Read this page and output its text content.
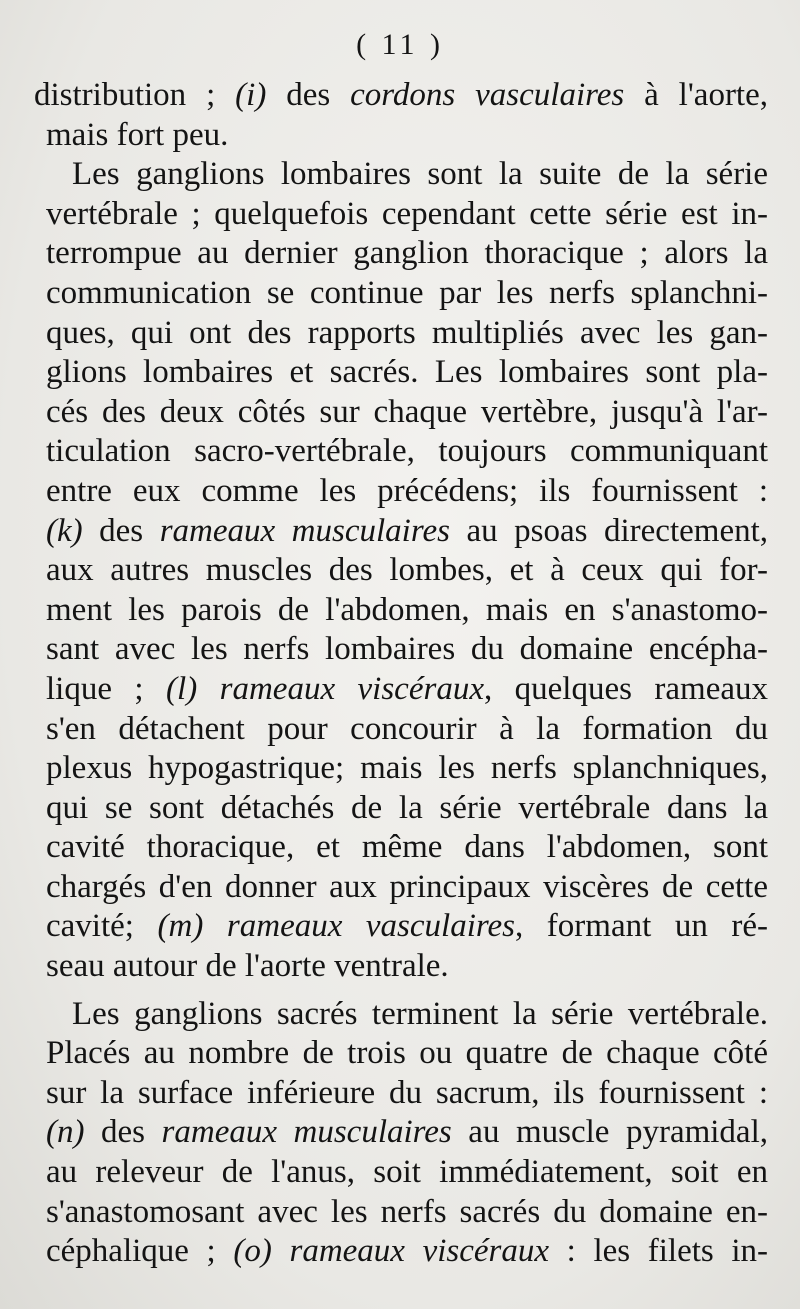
( 11 )
distribution ; (i) des cordons vasculaires à l'aorte,
mais fort peu.
Les ganglions lombaires sont la suite de la série
vertébrale ; quelquefois cependant cette série est in-
terrompue au dernier ganglion thoracique ; alors la
communication se continue par les nerfs splanchni-
ques, qui ont des rapports multipliés avec les gan-
glions lombaires et sacrés. Les lombaires sont pla-
cés des deux côtés sur chaque vertèbre, jusqu'à l'ar-
ticulation sacro-vertébrale, toujours communiquant
entre eux comme les précédens; ils fournissent :
(k) des rameaux musculaires au psoas directement,
aux autres muscles des lombes, et à ceux qui for-
ment les parois de l'abdomen, mais en s'anastomo-
sant avec les nerfs lombaires du domaine encépha-
lique ; (l) rameaux viscéraux, quelques rameaux
s'en détachent pour concourir à la formation du
plexus hypogastrique; mais les nerfs splanchniques,
qui se sont détachés de la série vertébrale dans la
cavité thoracique, et même dans l'abdomen, sont
chargés d'en donner aux principaux viscères de cette
cavité; (m) rameaux vasculaires, formant un ré-
seau autour de l'aorte ventrale.
Les ganglions sacrés terminent la série vertébrale.
Placés au nombre de trois ou quatre de chaque côté
sur la surface inférieure du sacrum, ils fournissent :
(n) des rameaux musculaires au muscle pyramidal,
au releveur de l'anus, soit immédiatement, soit en
s'anastomosant avec les nerfs sacrés du domaine en-
céphalique ; (o) rameaux viscéraux : les filets in-
